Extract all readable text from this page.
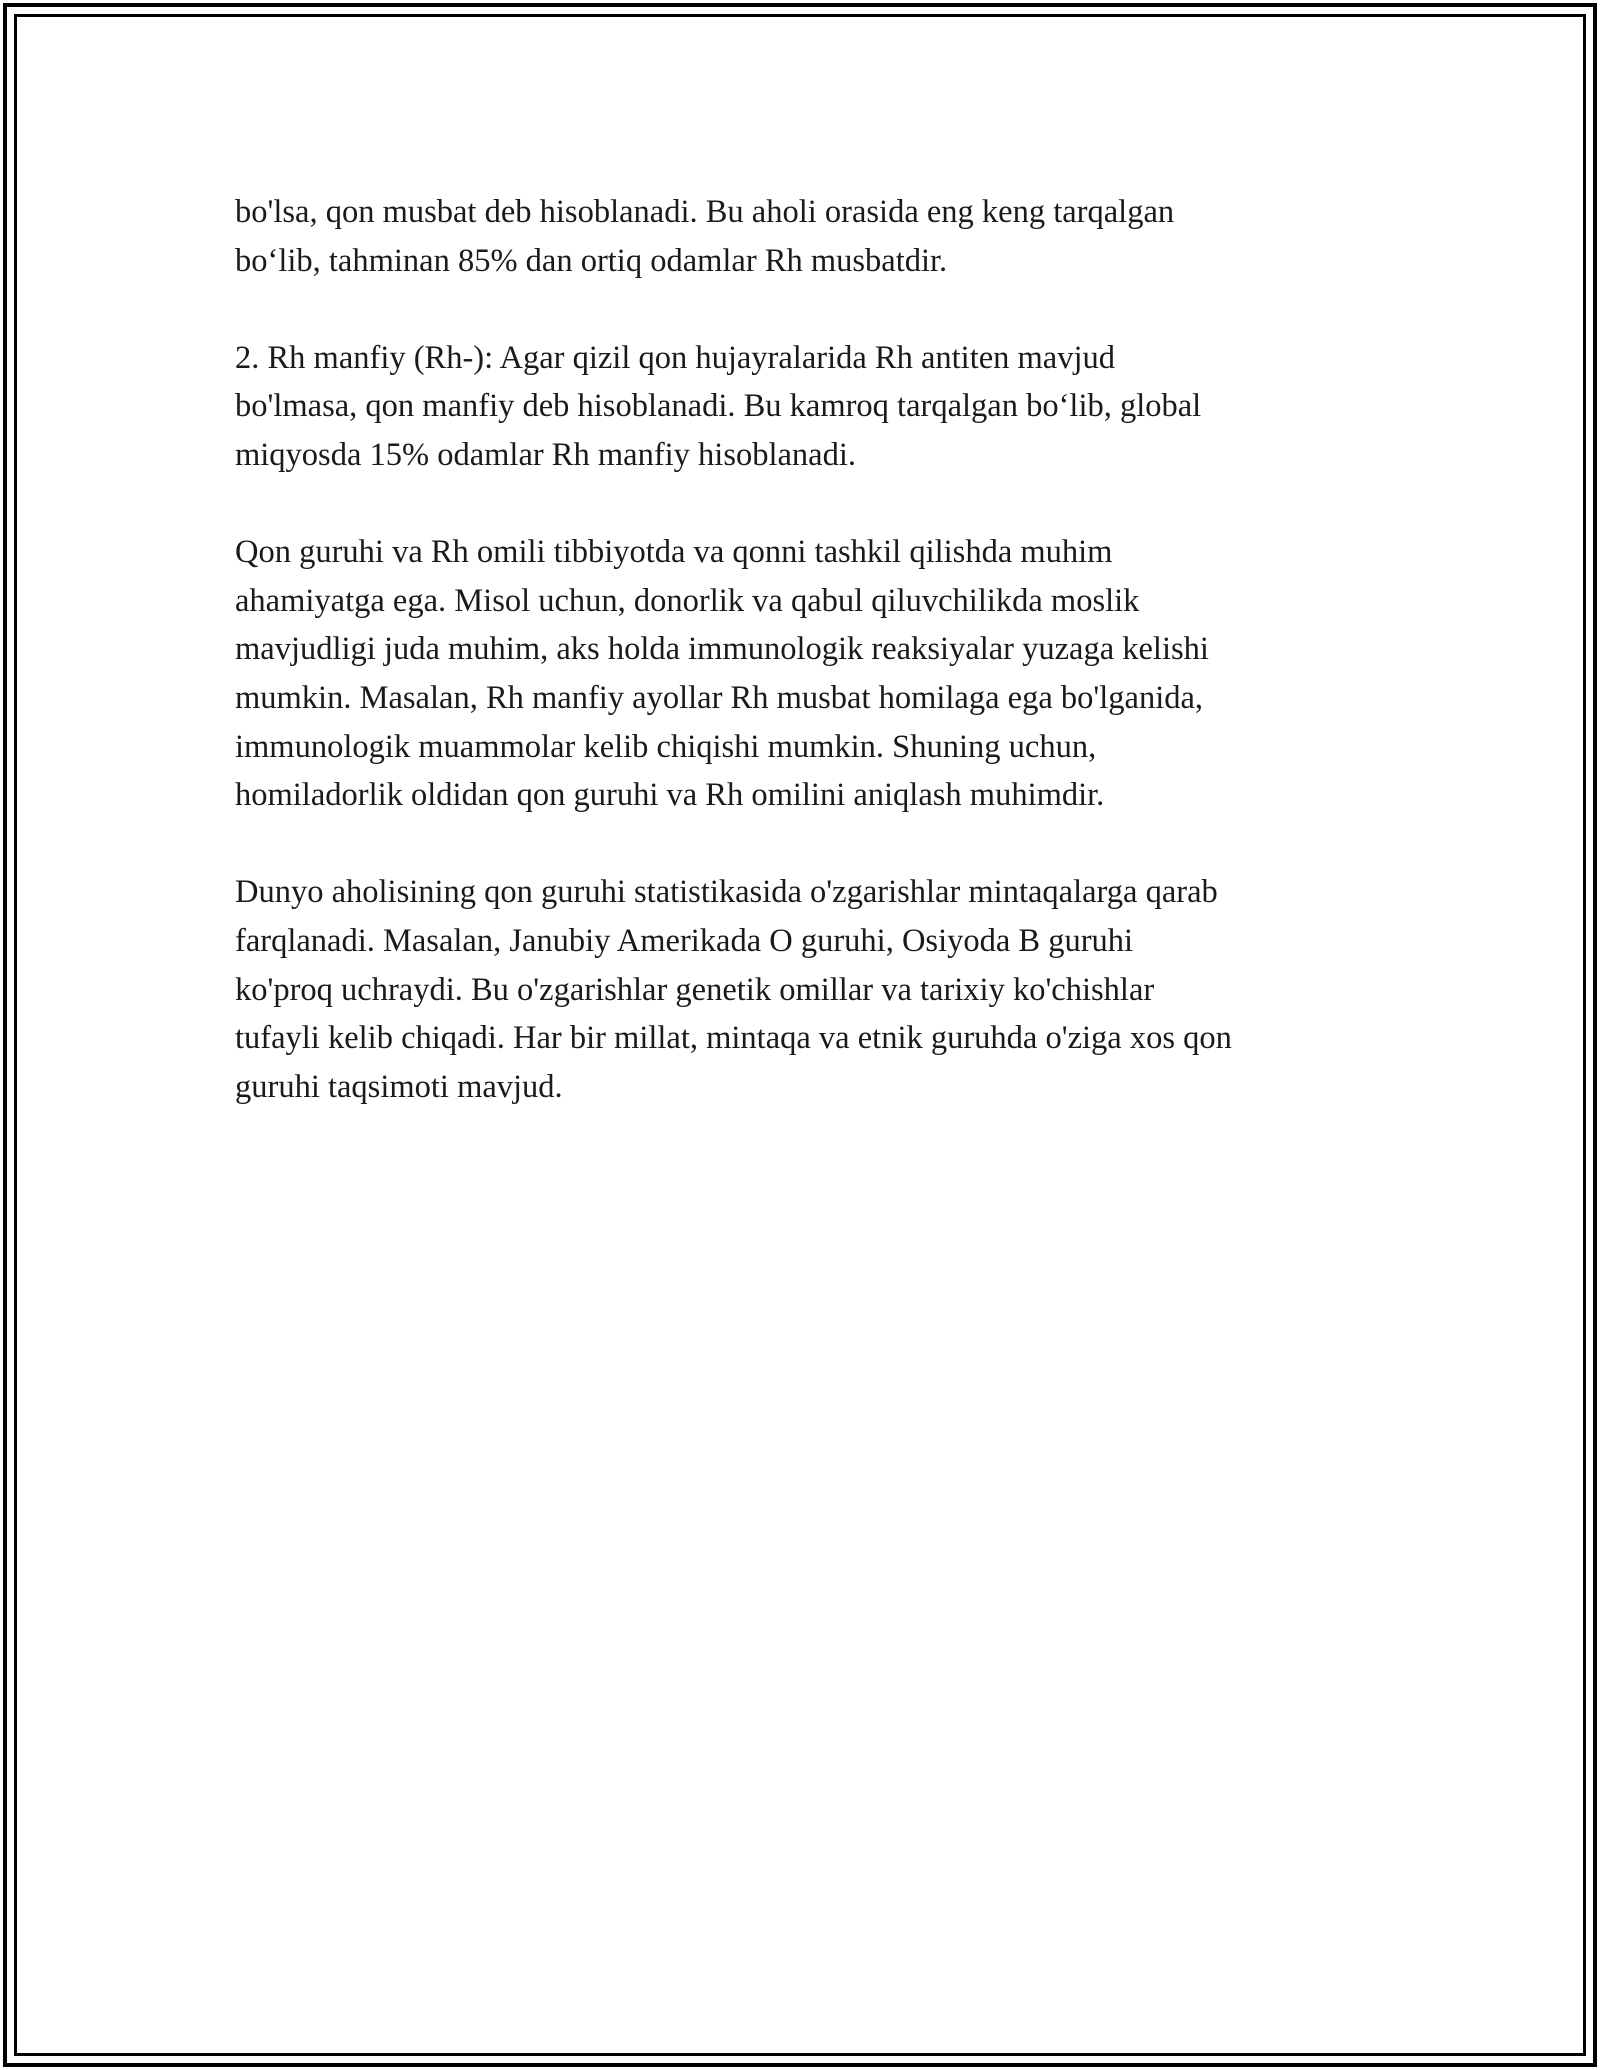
bo'lsa, qon musbat deb hisoblanadi. Bu aholi orasida eng keng tarqalgan
bo‘lib, tahminan 85% dan ortiq odamlar Rh musbatdir.

2. Rh manfiy (Rh-): Agar qizil qon hujayralarida Rh antiten mavjud
bo'lmasa, qon manfiy deb hisoblanadi. Bu kamroq tarqalgan bo‘lib, global
miqyosda 15% odamlar Rh manfiy hisoblanadi.

Qon guruhi va Rh omili tibbiyotda va qonni tashkil qilishda muhim
ahamiyatga ega. Misol uchun, donorlik va qabul qiluvchilikda moslik
mavjudligi juda muhim, aks holda immunologik reaksiyalar yuzaga kelishi
mumkin. Masalan, Rh manfiy ayollar Rh musbat homilaga ega bo'lganida,
immunologik muammolar kelib chiqishi mumkin. Shuning uchun,
homiladorlik oldidan qon guruhi va Rh omilini aniqlash muhimdir.

Dunyo aholisining qon guruhi statistikasida o'zgarishlar mintaqalarga qarab
farqlanadi. Masalan, Janubiy Amerikada O guruhi, Osiyoda B guruhi
ko'proq uchraydi. Bu o'zgarishlar genetik omillar va tarixiy ko'chishlar
tufayli kelib chiqadi. Har bir millat, mintaqa va etnik guruhda o'ziga xos qon
guruhi taqsimoti mavjud.
